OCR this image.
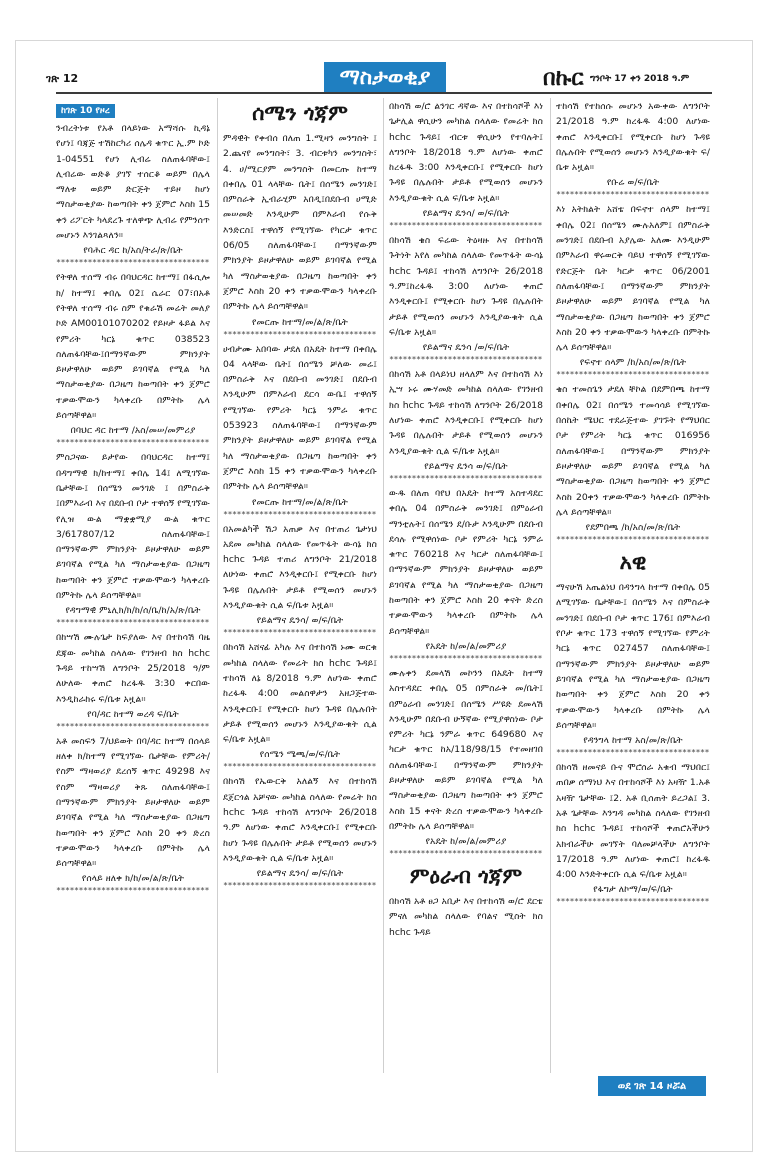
ገጽ 12	ማስታወቂያ	በኩር ግንቦት 17 ቀን 2018 ዓ.ም
ከገጽ 10 የዞረ
ንብረትነቱ የአቶ በላይነው አማሻሱ ኪዳኔ የሆነ፤ ባጃጅ ተሽከርካሪ ሰሌዳ ቁጥር ኢ.ም ኮድ 1-04551 የሆነ ሊብሬ ስለጠፋባቸው፤ ሊብሬው ወድቆ ያገኘ ተሰርቆ ወይም በሌላ ማለቱ ወይም ድርጅት ተይዞ ከሆነ ማስታወቂያው ከወጣበት ቀን ጀምሮ እስከ 15 ቀን ሪፖርት ካላደረጉ ተለዋጭ ሊብሬ የምንሰጥ መሆኑን እንገልጻለን።
የባሕር ዳር ከ/አስ/ትራ/ጽ/ቤት
**********************************
የትዋለ ተሰማ ብሩ በባህርዳር ከተማ፤ በፋሲሎ ክ/ ከተማ፤ ቀበሌ 02፤ ሴራር 07፣በአቶ የትዋለ ተሰማ ብሩ ስም የቁራሽ መሬት መለያ ኮድ AM00101070202 የይዞታ ፋይል እና የምሪት ካርኔ ቁጥር 038523 ስለጠፋባቸው፤በማንኛውም ምክንያት ይዞታዋለሁ ወይም ይገባኛል የሚል ካለ ማስታወቂያው በጋዜጣ ከወጣበት ቀን ጀምሮ ተቃውሞውን ካላቀረቡ በምትኩ ሌላ ይሰጣቸዋል።
በባህር ዳር ከተማ /አስ/መሠ/መምሪያ
**********************************
ምስጋናው ይታየው በባህርዳር ከተማ፤ በዳግማዊ ክ/ከተማ፤ ቀበሌ 14፤ ለሚገኘው ቤታቸው፤ በሰሜን መንገድ ፤ በምስራቅ ፤በምእራብ እና በደቡብ ቦታ ተዋሰኝ የሚገኘው የሊዝ ውል ማቋቋሚያ ውል ቁጥር 3/617807/12 ስለጠፋባቸው፤ በማንኛውም ምክንያት ይዞታዋለሁ ወይም ይገባኛል የሚል ካለ ማስታወቂያው በጋዜጣ ከወጣበት ቀን ጀምሮ ተቃውሞውን ካላቀረቡ በምትኩ ሌላ ይሰጣቸዋል።
የዳግማዊ ምኒሊክ/ክ/ከ/ሰ/ቤ/ከ/አ/ጽ/ቤት
**********************************
በከሣሽ ሙሉጌታ ከፍያለው እና በተከሳሽ ባዜ ደጃው መካከል ስላለው የገንዘብ ክስ hchc ጉዳይ ተከሣሽ ለግንቦት 25/2018 ዓ/ም ለሁለው ቀጠሮ ከረፋዱ 3:30 ቀርበው እንዲከራከሩ ፍ/ቤቱ አዟል።
የባ/ዳር ከተማ ወረዳ ፍ/ቤት
**********************************
አቶ መስፍን 7/ህይወት በባ/ዳር ከተማ በሰላይ ዘለቀ ክ/ከተማ የሚገኘው ቤታቸው የምሪት/የስም ማዛወሪያ ደረሰኝ ቁጥር 49298 እና የስም ማዛወሪያ ቅጹ ስለጠፋባቸው፤ በማንኛውም ምክንያት ይዞታዋለሁ ወይም ይገባኛል የሚል ካለ ማስታወቂያው በጋዜጣ ከወጣበት ቀን ጀምሮ እስከ 20 ቀን ድረስ ተቃውሞውን ካላቀረቡ በምትኩ ሌላ ይሰጣቸዋል።
የሰላይ ዘለቀ ክ/ከ/መ/ል/ጽ/ቤት
**********************************
ሰሜን ጎጃም
ምዳዊት የቀብሰ በለጠ 1.ሚዛን መንግስት ፤ 2.ጨናየ መንግስት፣ 3. ብርቱካን መንግስት፣ 4. ሀ/ሚርያም መንግስት በመርጡ ከተማ በቀበሌ 01 ላላቸው ቤት፤ በሰሜን መንገድ፤ በምስራቅ ኢብራሂም አበዲ፤በደቡብ ሀሚድ መሠመድ እንዲሁም በምእራብ የሱቅ እንድርስ፤ ተዋሰኝ የሚገኘው የካርታ ቁጥር 06/05 ስለጠፋባቸው፤ በማንኛውም ምክንያት ይዞታዋለሁ ወይም ይገባኛል የሚል ካለ ማስታወቂያው በጋዜጣ ከወጣበት ቀን ጀምሮ እስከ 20 ቀን ተቃውሞውን ካላቀረቡ በምትኩ ሌላ ይሰጣቸዋል።
የመርጡ ከተማ/መ/ል/ጽ/ቤት
**********************************
ሀብታሙ አበባው ታደለ በአዴት ከተማ በቀበሌ 04 ላላቸው ቤት፤ በሰሜን ቻለው መሬ፤ በምስራቅ እና በደቡብ መንገድ፤ በደቡብ እንዲሁም በምእራብ ደርሳ ውቤ፤ ተዋሰኝ የሚገኘው የምሪት ካርኔ ንምራ ቁጥር 053923 ስለጠፋባቸው፤ በማንኛውም ምክንያት ይዞታዋለሁ ወይም ይገባኛል የሚል ካለ ማስታወቂያው በጋዜጣ ከወጣበት ቀን ጀምሮ እስከ 15 ቀን ተቃውሞውን ካላቀረቡ በምትኩ ሌላ ይሰጣቸዋል።
የመርጡ ከተማ/መ/ል/ጽ/ቤት
**********************************
በአመልካች ሽጋ አጠቃ እና በተጠሪ ጌታነህ አደመ መካከል ስላለው የመጥፋት ውሳኔ ክስ hchc ጉዳይ ተጠሪ ለግንቦት 21/2018 ለሁነው ቀጠሮ እንዲቀርቡ፤ የሚቀርቡ ከሆነ ጉዳዩ በሌሉበት ታይቶ የሚወሰን መሆኑን እንዲያውቁት ሲል ፍ/ቤቱ አዟል።
የይልማና ዴንሳ/ ወ/ፍ/ቤት
**********************************
በከሳሽ አሸናፊ አካሉ እና በተከሳሽ ኑሙ ወርቁ መካከል ስላለው የመሬት ክስ hchc ጉዳይ፤ ተከሳሽ ለኔ 8/2018 ዓ.ም ለሆነው ቀጠሮ ከረፋዱ 4:00 መልስዋታን አዘጋጅተው እንዲቀርቡ፤ የሚቀርቡ ከሆነ ጉዳዩ በሌሉበት ታይቶ የሚወሰን መሆኑን እንዲያውቁት ሲል ፍ/ቤቱ አዟል።
የሰሜን ሜጫ/ወ/ፍ/ቤት
**********************************
በከሳሽ የኤውርቅ አለልኝ እና በተከሳሽ ደጀርጎል አቻናው መካከል ስላለው የመሬት ክስ hchc ጉዳይ ተከሳሽ ለግንቦት 26/2018 ዓ.ም ለሆነው ቀጠሮ እንዲቀርቡ፤ የሚቀርቡ ከሆነ ጉዳዩ በሌሉበት ታይቶ የሚወሰን መሆኑን እንዲያውቁት ሲል ፍ/ቤቱ አዟል።
የይልማና ዴንሳ/ ወ/ፍ/ቤት
**********************************
በከሳሽ ወ/ሮ ልንገር ዳኛው እና በተከሳሾች እነ ጌታሊል ዋሲሁን መካከል ስላለው የመሬት ክስ hchc ጉዳይ፤ ብርቱ ዋሲሁን የተባሉት፤ ለግንቦት 18/2018 ዓ.ም ለሆነው ቀጠሮ ከረፋዱ 3:00 እንዲቀርቡ፤ የሚቀርቡ ከሆነ ጉዳዩ በሌሉበት ታይቶ የሚወሰን መሆኑን እንዲያውቁት ሲል ፍ/ቤቱ አዟል።
የይልማና ዴንሳ/ ወ/ፍ/ቤት
**********************************
በከሳሽ ቄስ ፍሬው ትዕዛዙ እና በተከሳሽ ጉትነት አየለ መካከል ስላለው የመጥፋት ውሳኔ hchc ጉዳይ፤ ተከሳሽ ለግንቦት 26/2018 ዓ.ም፤ከረፋዱ 3:00 ለሆነው ቀጠሮ እንዲቀርቡ፤ የሚቀርቡ ከሆነ ጉዳዩ በሌሉበት ታይቶ የሚወሰን መሆኑን እንዲያውቁት ሲል ፍ/ቤቱ አዟል።
የይልማና ዴንሳ /ወ/ፍ/ቤት
**********************************
በከሳሽ አቶ በላይነህ ዘላለም እና በተከሳሽ እነ ኢሣ ኑሩ ሙሃመድ መካከል ስላለው የገንዘብ ክስ hchc ጉዳይ ተከሳሽ ለግንቦት 26/2018 ለሆነው ቀጠሮ እንዲቀርቡ፤ የሚቀርቡ ከሆነ ጉዳዩ በሌሉበት ታይቶ የሚወሰን መሆኑን እንዲያውቁት ሲል ፍ/ቤቱ አዟል።
የይልማና ዴንሳ ወ/ፍ/ቤት
**********************************
ውዱ በለጠ ባየህ በአዴት ከተማ አስተዳደር ቀበሌ 04 በምስራቅ መንገድ፤ በምዕራብ ማንቲሉት፤ በሰሜን ደ/ቡታ እንዲሁም በደቡብ ደሳሉ የሚዋሰነው ቦታ የምሪት ካርኔ ንምራ ቁጥር 760218 እና ካርታ ስለጠፋባቸው፤ በማንኛውም ምክንያት ይዞታዋለሁ ወይም ይገባኛል የሚል ካለ ማስታወቂያው በጋዜጣ ከወጣበት ቀን ጀምሮ እስከ 20 ቀናት ድረስ ተቃውሞውን ካላቀረቡ በምትኩ ሌላ ይሰጣቸዋል።
የአዴት ከ/መ/ል/መምሪያ
**********************************
ሙሉቀን ደመላሽ መኮንን በአዴት ከተማ አስተዳደር ቀበሌ 05 በምስራቅ መ/ቤት፤ በምዕራብ መንገድ፤ በሰሜን ሥዩድ ደመላሽ እንዲሁም በደቡብ ሁኝኛው የሚያዋስነው ቦታ የምሪት ካርኔ ንምራ ቁጥር 649680 እና ካርታ ቁጥር ከአ/118/98/15 የተመዘገበ ስለጠፋባቸው፤ በማንኛውም ምክንያት ይዞታዋለሁ ወይም ይገባኛል የሚል ካለ ማስታወቂያው በጋዜጣ ከወጣበት ቀን ጀምሮ እስከ 15 ቀናት ድረስ ተቃውሞውን ካላቀረቡ በምትኩ ሌላ ይሰጣቸዋል።
የአዴት ከ/መ/ል/መምሪያ
**********************************
ምዕራብ ጎጃም
በከሳሽ አቶ ፀጋ አቢታ እና በተከሳሽ ወ/ሮ ደርቴ ምናለ መካከል ስላለው የባልና ሚስት ክስ hchc ጉዳይ
ተከሳሽ የተከሰሱ መሆኑን አውቀው ለግንቦት 21/2018 ዓ.ም ከረፋዱ 4:00 ለሆነው ቀጠሮ እንዲቀርቡ፤ የሚቀርቡ ከሆነ ጉዳዩ በሌሉበት የሚወሰን መሆኑን እንዲያውቁት ፍ/ቤቱ አዟል።
የቡሬ ወ/ፍ/ቤት
**********************************
እነ አትክልት አሸቴ በፍኖተ ሰላም ከተማ፤ ቀበሌ 02፤ በሰሜን ሙሉአለም፤ በምስራቅ መንገድ፤ በደቡብ አያሌው አለሙ እንዲሁም በምእራብ ዋሩወርቅ ባይህ ተዋሰኝ የሚገኘው የድርጅት ቤት ካርታ ቁጥር 06/2001 ስለጠፋባቸው፤ በማንኛውም ምክንያት ይዞታዋለሁ ወይም ይገባኛል የሚል ካለ ማስታወቂያው በጋዜጣ ከወጣበት ቀን ጀምሮ እስከ 20 ቀን ተቃውሞውን ካላቀረቡ በምትኩ ሌላ ይሰጣቸዋል።
የፍኖተ ሰላም /ከ/አስ/መ/ጽ/ቤት
**********************************
ቄስ ተመስጌን ታደለ ቸኮል በደምበጫ ከተማ በቀበሌ 02፤ በሰሜን ተመሳሳይ የሚገኘው በሰኬት ሜህር ተደራጅተው ያገኙት የማህበር ቦታ የምሪት ካርኔ ቁጥር 016956 ስለጠፋባቸው፤ በማንኛውም ምክንያት ይዞታዋለሁ ወይም ይገባኛል የሚል ካለ ማስታወቂያው በጋዜጣ ከወጣበት ቀን ጀምሮ እስከ 20ቀን ተቃውሞውን ካላቀረቡ በምትኩ ሌላ ይሰጣቸዋል።
የደምበጫ /ከ/አስ/መ/ጽ/ቤት
**********************************
አዊ
ማናሁሽ አጤልነህ በዳንግላ ከተማ በቀበሌ 05 ለሚገኘው ቤታቸው፤ በሰሜን እና በምስራቅ መንገድ፤ በደቡብ ቦታ ቁጥር 176፤ በምእራብ የቦታ ቁጥር 173 ተዋሰኝ የሚገኘው የምሪት ካርኔ ቁጥር 027457 ስለጠፋባቸው፤ በማንኛውም ምክንያት ይዞታዋለሁ ወይም ይገባኛል የሚል ካለ ማስታወቂያው በጋዜጣ ከወጣበት ቀን ጀምሮ እስከ 20 ቀን ተቃውሞውን ካላቀረቡ በምትኩ ሌላ ይሰጣቸዋል።
የዳንግላ ከተማ አስ/መ/ጽ/ቤት
**********************************
በከሳሽ ዘመናይ ቡና ሞሮሰራ አቁብ ማህበር፤ ጠበቃ ሰማነህ እና በተከሳሾች እነ አዛዥ 1.አቶ አዛዥ ጌታቸው ፤2. አቶ ቢሰጠት ይረጋል፤ 3. አቶ ጌታቸው እንግዳ መካከል ስላለው የገንዘብ ክስ hchc ጉዳይ፤ ተከሳሾች ቀጠሮአችሁን አክብራችሁ መገኘት ባለመቻላችሁ ለግንቦት 17/2018 ዓ.ም ለሆነው ቀጠሮ፤ ከረፋዱ 4:00 እንድትቀርቡ ሲል ፍ/ቤቱ አዟል።
የፋግታ ለኮማ/ወ/ፍ/ቤት
**********************************
ወደ ገጽ 14 ዞሯል
